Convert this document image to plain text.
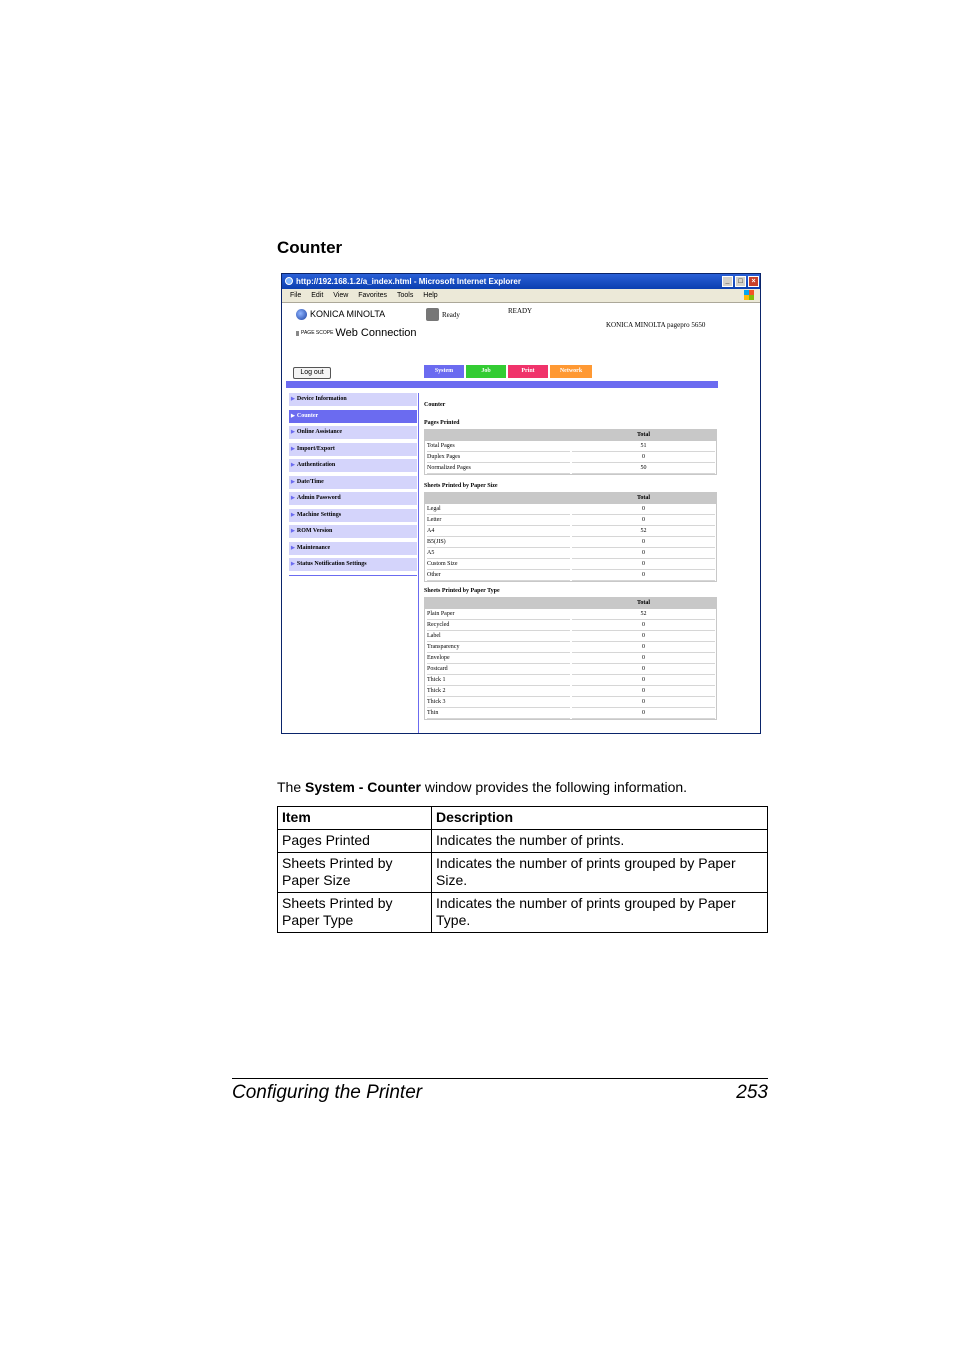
Counter
http://192.168.1.2/a_index.html - Microsoft Internet Explorer	_	□	×
File Edit View Favorites Tools Help
KONICA MINOLTA
PAGE SCOPE Web Connection
Ready	READY
KONICA MINOLTA pagepro 5650
Log out	System	Job	Print	Network
▶ Device Information
▶ Counter
▶ Online Assistance
▶ Import/Export
▶ Authentication
▶ Date/Time
▶ Admin Password
▶ Machine Settings
▶ ROM Version
▶ Maintenance
▶ Status Notification Settings
Counter
Pages Printed
Total
Total Pages	51
Duplex Pages	0
Normalized Pages	50
Sheets Printed by Paper Size
Total
Legal	0
Letter	0
A4	52
B5(JIS)	0
A5	0
Custom Size	0
Other	0
Sheets Printed by Paper Type
Total
Plain Paper	52
Recycled	0
Label	0
Transparency	0
Envelope	0
Postcard	0
Thick 1	0
Thick 2	0
Thick 3	0
Thin	0
The System - Counter window provides the following information.
Item	Description
Pages Printed	Indicates the number of prints.
Sheets Printed by Paper Size	Indicates the number of prints grouped by Paper Size.
Sheets Printed by Paper Type	Indicates the number of prints grouped by Paper Type.
Configuring the Printer	253
